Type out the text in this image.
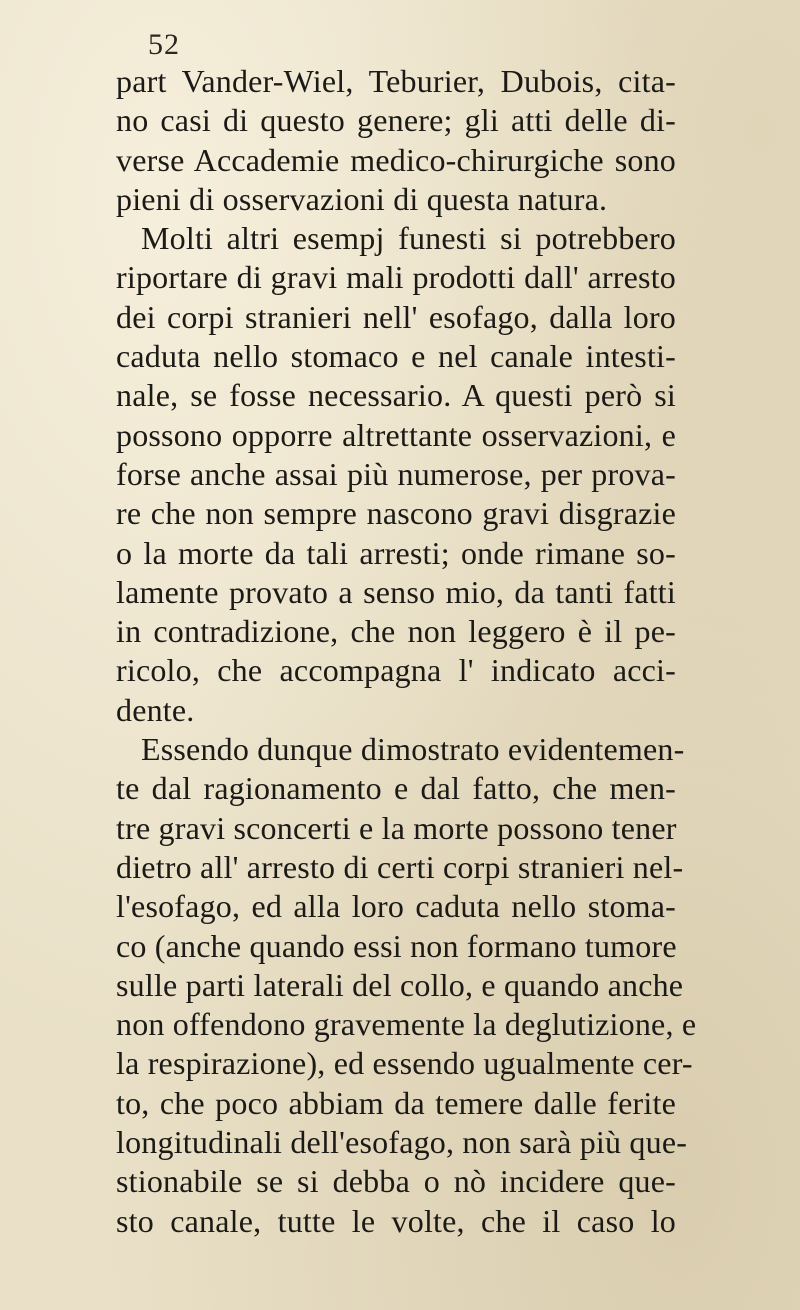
52
part Vander-Wiel, Teburier, Dubois, cita-
no casi di questo genere; gli atti delle di-
verse Accademie medico-chirurgiche sono
pieni di osservazioni di questa natura.
Molti altri esempj funesti si potrebbero
riportare di gravi mali prodotti dall' arresto
dei corpi stranieri nell' esofago, dalla loro
caduta nello stomaco e nel canale intesti-
nale, se fosse necessario. A questi però si
possono opporre altrettante osservazioni, e
forse anche assai più numerose, per prova-
re che non sempre nascono gravi disgrazie
o la morte da tali arresti; onde rimane so-
lamente provato a senso mio, da tanti fatti
in contradizione, che non leggero è il pe-
ricolo, che accompagna l' indicato acci-
dente.
Essendo dunque dimostrato evidentemen-
te dal ragionamento e dal fatto, che men-
tre gravi sconcerti e la morte possono tener
dietro all' arresto di certi corpi stranieri nel-
l'esofago, ed alla loro caduta nello stoma-
co (anche quando essi non formano tumore
sulle parti laterali del collo, e quando anche
non offendono gravemente la deglutizione, e
la respirazione), ed essendo ugualmente cer-
to, che poco abbiam da temere dalle ferite
longitudinali dell'esofago, non sarà più que-
stionabile se si debba o nò incidere que-
sto canale, tutte le volte, che il caso lo
